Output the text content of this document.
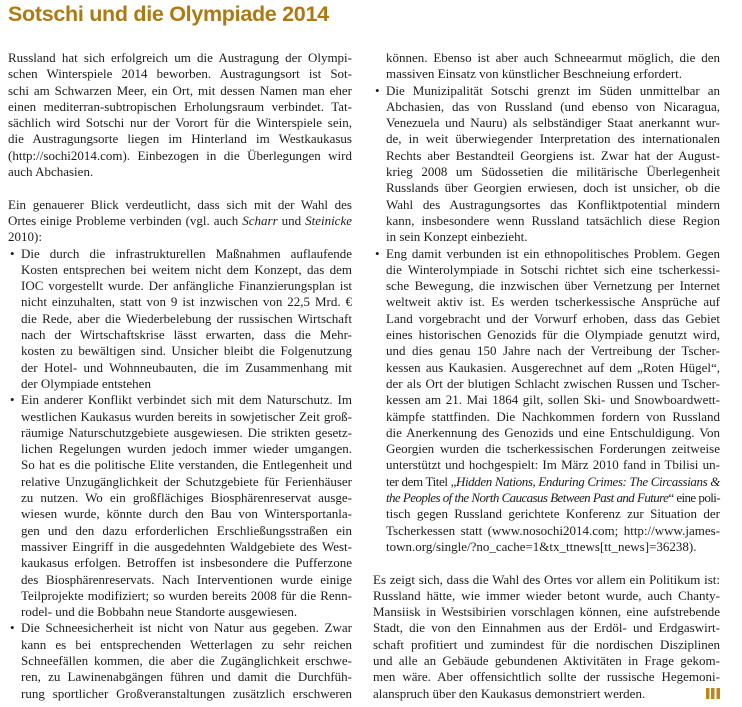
Sotschi und die Olympiade 2014
Russland hat sich erfolgreich um die Austragung der Olympi-
schen Winterspiele 2014 beworben. Austragungsort ist Sot-
schi am Schwarzen Meer, ein Ort, mit dessen Namen man eher
einen mediterran-subtropischen Erholungsraum verbindet. Tat-
sächlich wird Sotschi nur der Vorort für die Winterspiele sein,
die Austragungsorte liegen im Hinterland im Westkaukasus
(http://sochi2014.com). Einbezogen in die Überlegungen wird
auch Abchasien.
Ein genauerer Blick verdeutlicht, dass sich mit der Wahl des
Ortes einige Probleme verbinden (vgl. auch Scharr und Steinicke
2010):
Die durch die infrastrukturellen Maßnahmen auflaufende
•
Kosten entsprechen bei weitem nicht dem Konzept, das dem
IOC vorgestellt wurde. Der anfängliche Finanzierungsplan ist
nicht einzuhalten, statt von 9 ist inzwischen von 22,5 Mrd. €
die Rede, aber die Wiederbelebung der russischen Wirtschaft
nach der Wirtschaftskrise lässt erwarten, dass die Mehr-
kosten zu bewältigen sind. Unsicher bleibt die Folgenutzung
der Hotel- und Wohnneubauten, die im Zusammenhang mit
der Olympiade entstehen
Ein anderer Konflikt verbindet sich mit dem Naturschutz. Im
•
westlichen Kaukasus wurden bereits in sowjetischer Zeit groß-
räumige Naturschutzgebiete ausgewiesen. Die strikten gesetz-
lichen Regelungen wurden jedoch immer wieder umgangen.
So hat es die politische Elite verstanden, die Entlegenheit und
relative Unzugänglichkeit der Schutzgebiete für Ferienhäuser
zu nutzen. Wo ein großflächiges Biosphärenreservat ausge-
wiesen wurde, könnte durch den Bau von Wintersportanla-
gen und den dazu erforderlichen Erschließungsstraßen ein
massiver Eingriff in die ausgedehnten Waldgebiete des West-
kaukasus erfolgen. Betroffen ist insbesondere die Pufferzone
des Biosphärenreservats. Nach Interventionen wurde einige
Teilprojekte modifiziert; so wurden bereits 2008 für die Renn-
rodel- und die Bobbahn neue Standorte ausgewiesen.
Die Schneesicherheit ist nicht von Natur aus gegeben. Zwar
•
kann es bei entsprechenden Wetterlagen zu sehr reichen
Schneefällen kommen, die aber die Zugänglichkeit erschwe-
ren, zu Lawinenabgängen führen und damit die Durchfüh-
rung sportlicher Großveranstaltungen zusätzlich erschweren
können. Ebenso ist aber auch Schneearmut möglich, die den
massiven Einsatz von künstlicher Beschneiung erfordert.
Die Munizipalität Sotschi grenzt im Süden unmittelbar an
•
Abchasien, das von Russland (und ebenso von Nicaragua,
Venezuela und Nauru) als selbständiger Staat anerkannt wur-
de, in weit überwiegender Interpretation des internationalen
Rechts aber Bestandteil Georgiens ist. Zwar hat der August-
krieg 2008 um Südossetien die militärische Überlegenheit
Russlands über Georgien erwiesen, doch ist unsicher, ob die
Wahl des Austragungsortes das Konfliktpotential mindern
kann, insbesondere wenn Russland tatsächlich diese Region
in sein Konzept einbezieht.
Eng damit verbunden ist ein ethnopolitisches Problem. Gegen
•
die Winterolympiade in Sotschi richtet sich eine tscherkessi-
sche Bewegung, die inzwischen über Vernetzung per Internet
weltweit aktiv ist. Es werden tscherkessische Ansprüche auf
Land vorgebracht und der Vorwurf erhoben, dass das Gebiet
eines historischen Genozids für die Olympiade genutzt wird,
und dies genau 150 Jahre nach der Vertreibung der Tscher-
kessen aus Kaukasien. Ausgerechnet auf dem „Roten Hügel“,
der als Ort der blutigen Schlacht zwischen Russen und Tscher-
kessen am 21. Mai 1864 gilt, sollen Ski- und Snowboardwett-
kämpfe stattfinden. Die Nachkommen fordern von Russland
die Anerkennung des Genozids und eine Entschuldigung. Von
Georgien wurden die tscherkessischen Forderungen zeitweise
unterstützt und hochgespielt: Im März 2010 fand in Tbilisi un-
ter dem Titel „Hidden Nations, Enduring Crimes: The Circassians &
the Peoples of the North Caucasus Between Past and Future“ eine poli-
tisch gegen Russland gerichtete Konferenz zur Situation der
Tscherkessen statt (www.nosochi2014.com; http://www.james-
town.org/single/?no_cache=1&tx_ttnews[tt_news]=36238).
Es zeigt sich, dass die Wahl des Ortes vor allem ein Politikum ist:
Russland hätte, wie immer wieder betont wurde, auch Chanty-
Mansiisk in Westsibirien vorschlagen können, eine aufstrebende
Stadt, die von den Einnahmen aus der Erdöl- und Erdgaswirt-
schaft profitiert und zumindest für die nordischen Disziplinen
und alle an Gebäude gebundenen Aktivitäten in Frage gekom-
men wäre. Aber offensichtlich sollte der russische Hegemoni-
alanspruch über den Kaukasus demonstriert werden.
